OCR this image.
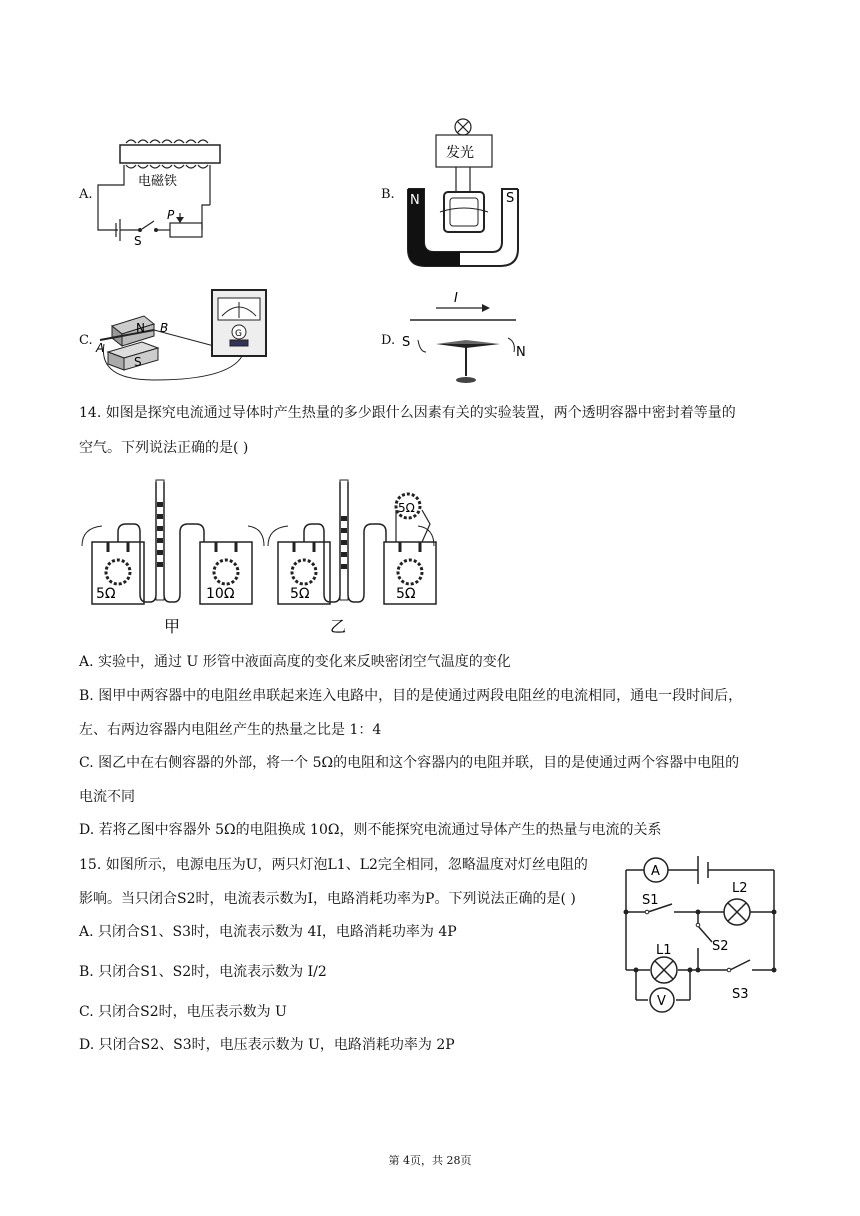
A.
电磁铁
P
S
B.
发光
N	S
C.
N
S
A
B	G	D.
I
S
N
14. 如图是探究电流通过导体时产生热量的多少跟什么因素有关的实验装置，两个透明容器中密封着等量的
空气。下列说法正确的是( )
5Ω	10Ω
甲
5Ω
5Ω	5Ω
乙
A. 实验中，通过 U 形管中液面高度的变化来反映密闭空气温度的变化
B. 图甲中两容器中的电阻丝串联起来连入电路中，目的是使通过两段电阻丝的电流相同，通电一段时间后，
左、右两边容器内电阻丝产生的热量之比是 1：4
C. 图乙中在右侧容器的外部，将一个 5Ω的电阻和这个容器内的电阻并联，目的是使通过两个容器中电阻的
电流不同
D. 若将乙图中容器外 5Ω的电阻换成 10Ω，则不能探究电流通过导体产生的热量与电流的关系
15. 如图所示，电源电压为U，两只灯泡L1、L2完全相同，忽略温度对灯丝电阻的
影响。当只闭合S2时，电流表示数为I，电路消耗功率为P。下列说法正确的是( )
A. 只闭合S1、S3时，电流表示数为 4I，电路消耗功率为 4P
B. 只闭合S1、S2时，电流表示数为 I/2
C. 只闭合S2时，电压表示数为 U
D. 只闭合S2、S3时，电压表示数为 U，电路消耗功率为 2P
A
V
S1
S2
S3
L1
L2
第 4页，共 28页
